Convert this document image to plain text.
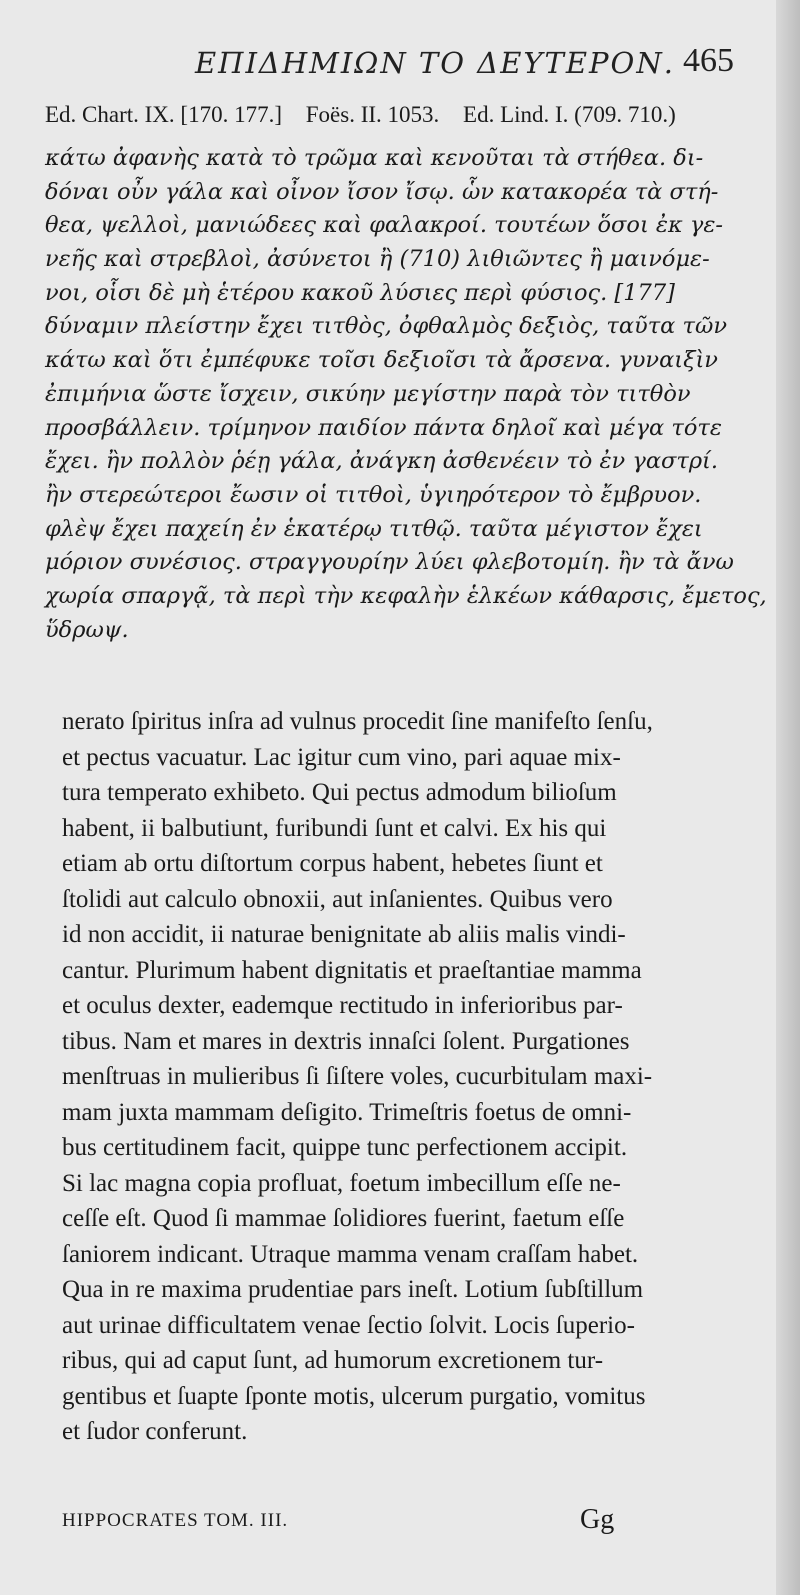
ΕΠΙΔΗΜΙΩΝ ΤΟ ΔΕΥΤΕΡΟΝ. 465
Ed. Chart. IX. [170. 177.] Foës. II. 1053. Ed. Lind. I. (709. 710.)
κάτω ἀφανὴς κατὰ τὸ τρῶμα καὶ κενοῦται τὰ στήθεα. δι-
δόναι οὖν γάλα καὶ οἶνον ἴσον ἴσῳ. ὧν κατακορέα τὰ στή-
θεα, ψελλοὶ, μανιώδεες καὶ φαλακροί. τουτέων ὅσοι ἐκ γε-
νεῆς καὶ στρεβλοὶ, ἀσύνετοι ἢ (710) λιθιῶντες ἢ μαινόμε-
νοι, οἷσι δὲ μὴ ἑτέρου κακοῦ λύσιες περὶ φύσιος. [177]
δύναμιν πλείστην ἔχει τιτθὸς, ὀφθαλμὸς δεξιὸς, ταῦτα τῶν
κάτω καὶ ὅτι ἐμπέφυκε τοῖσι δεξιοῖσι τὰ ἄρσενα. γυναιξὶν
ἐπιμήνια ὥστε ἴσχειν, σικύην μεγίστην παρὰ τὸν τιτθὸν
προσβάλλειν. τρίμηνον παιδίον πάντα δηλοῖ καὶ μέγα τότε
ἔχει. ἢν πολλὸν ῥέῃ γάλα, ἀνάγκη ἀσθενέειν τὸ ἐν γαστρί.
ἢν στερεώτεροι ἔωσιν οἱ τιτθοὶ, ὑγιηρότερον τὸ ἔμβρυον.
φλὲψ ἔχει παχείη ἐν ἑκατέρῳ τιτθῷ. ταῦτα μέγιστον ἔχει
μόριον συνέσιος. στραγγουρίην λύει φλεβοτομίη. ἢν τὰ ἄνω
χωρία σπαργᾷ, τὰ περὶ τὴν κεφαλὴν ἑλκέων κάθαρσις, ἔμετος,
ὕδρωψ.
nerato ſpiritus inſra ad vulnus procedit ſine manifeſto ſenſu,
et pectus vacuatur. Lac igitur cum vino, pari aquae mix-
tura temperato exhibeto. Qui pectus admodum bilioſum
habent, ii balbutiunt, furibundi ſunt et calvi. Ex his qui
etiam ab ortu diſtortum corpus habent, hebetes ſiunt et
ſtolidi aut calculo obnoxii, aut inſanientes. Quibus vero
id non accidit, ii naturae benignitate ab aliis malis vindi-
cantur. Plurimum habent dignitatis et praeſtantiae mamma
et oculus dexter, eademque rectitudo in inferioribus par-
tibus. Nam et mares in dextris innaſci ſolent. Purgationes
menſtruas in mulieribus ſi ſiſtere voles, cucurbitulam maxi-
mam juxta mammam deſigito. Trimeſtris foetus de omni-
bus certitudinem facit, quippe tunc perfectionem accipit.
Si lac magna copia profluat, foetum imbecillum eſſe ne-
ceſſe eſt. Quod ſi mammae ſolidiores fuerint, faetum eſſe
ſaniorem indicant. Utraque mamma venam craſſam habet.
Qua in re maxima prudentiae pars ineſt. Lotium ſubſtillum
aut urinae difficultatem venae ſectio ſolvit. Locis ſuperio-
ribus, qui ad caput ſunt, ad humorum excretionem tur-
gentibus et ſuapte ſponte motis, ulcerum purgatio, vomitus
et ſudor conferunt.
HIPPOCRATES TOM. III.	Gg
